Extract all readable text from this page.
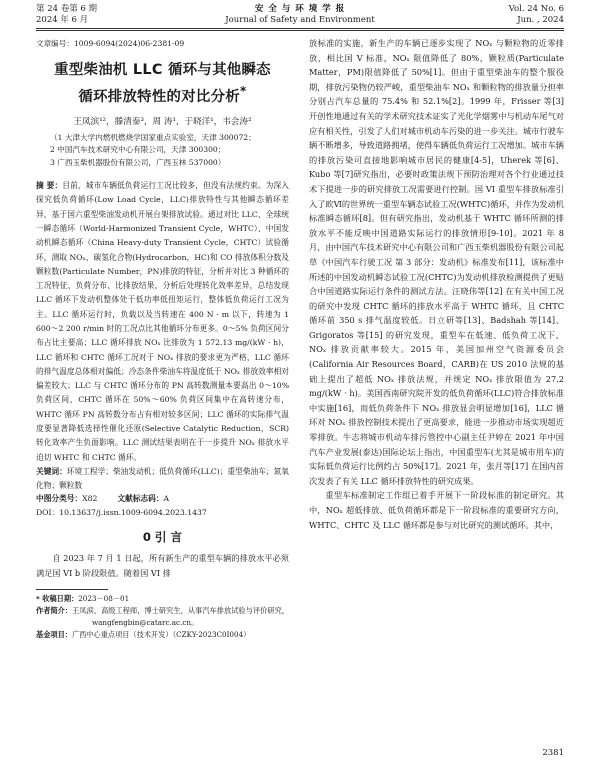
第 24 卷第 6 期
2024 年 6 月
安 全 与 环 境 学 报
Journal of Safety and Environment
Vol. 24 No. 6
Jun. , 2024

文章编号：1009-6094(2024)06-2381-09

重型柴油机 LLC 循环与其他瞬态
循环排放特性的对比分析*

王凤滨¹²，滕清泰³，周 涛¹，于晓洋¹，韦会涛²

（1 大津大学内燃机燃烧学国家重点实验室，天津 300072；

2 中国汽车技术研究中心有限公司，天津 300300；

3 广西玉柴机器股份有限公司，广西玉林 537000）

摘 要：目前，城市车辆低负荷运行工况比较多，但没有法规约束。为深入探究低负荷循环(Low Load Cycle，LLC)排放特性与其他瞬态循环差异，基于国六重型柴油发动机开展台架排放试验。通过对比 LLC、全球统一瞬态循环（World-Harmonized Transient Cycle，WHTC）、中国发动机瞬态循环（China Heavy-duty Transient Cycle，CHTC）试验循环，测取 NOₓ、碳氢化合物(Hydrocarbon，HC)和 CO 排放体积分数及颗粒数(Particulate Number，PN)排放的特征，分析并对比 3 种循环的工况特征、负荷分布、比排放结果，分析后处理转化效率差异，总结发现 LLC 循环下发动机整体处于低功率低扭矩运行，整体低负荷运行工况为主。LLC 循环运行时，负载以及当转速在 400 N · m 以下，转速为 1 600～2 200 r/min 时的工况点比其他循环分布更多。0～5% 负荷区间分布占比主要高；LLC 循环排放 NOₓ 比排放为 1 572.13 mg/(kW · h)，LLC 循环和 CHTC 循环工况对于 NOₓ 排放的要求更为严格，LLC 循环的排气温度总体相对偏低；冷态条件柴油车将温度低于 NOₓ 排放效率相对偏差较大；LLC 与 CHTC 循环分布的 PN 高转数测量本要高出 0～10% 负荷区间，CHTC 循环在 50%～60% 负荷区间集中在高转速分布，WHTC 循环 PN 高转数分布占有相对较多区间；LLC 循环的实际排气温度要显著降低选择性催化还原(Selective Catalytic Reduction，SCR)转化效率产生负面影响。LLC 测试结果表明在于一步提升 NOₓ 排放水平迫切 WHTC 和 CHTC 循环。

关键词：环境工程学；柴油发动机；低负荷循环(LLC)；重型柴油车；氮氧化物；颗粒数

中图分类号：X82	文献标志码：A

DOI：10.13637/j.issn.1009-6094.2023.1437

0 引 言

自 2023 年 7 月 1 日起，所有新生产的重型车辆的排放水平必须满足国 VI b 阶段限值。随着国 VI 排

* 收稿日期：2023－08－01

作者简介：王凤滨，高级工程师，博士研究生，从事汽车排放试验与评价研究，wangfengbin@catarc.ac.cn。

基金项目：广西中心重点项目（技术开发）（CZKY-2023C0I004）

放标准的实施，新生产的车辆已逐步实现了 NOₓ 与颗粒物的近零排放，相比国 V 标准，NOₓ 限值降低了 80%，颗粒质(Particulate Matter，PM)限值降低了 50%[1]。但由于重型柴油车的整个服役期，排放污染物仍较严峻，重型柴油车 NOₓ 和颗粒物的排放量分担率分别占汽车总量的 75.4% 和 52.1%[2]。1999 年，Frisser 等[3] 开创性地通过有关的学术研究技术证实了光化学烟雾中与机动车尾气对应有相关性，引发了人们对城市机动车污染的进一步关注。城市行驶车辆不断增多，导致道路拥堵，使得车辆低负荷运行工况增加。城市车辆的排放污染可直接地影响城市居民的健康[4-5]，Uherek 等[6]、Kubo 等[7]研究指出，必要时政策法规下预防治理对各个行业通过技术下提进一步的研究排放工况需要进行控制。国 VI 重型车排放标准引入了欧Ⅵ的世界统一重型车辆态试验工况(WHTC)循环，并作为发动机标准瞬态循环[8]。但有研究指出，发动机基于 WHTC 循环所测的排放水平不能反映中国道路实际运行的排放情形[9-10]。2021 年 8 月，由中国汽车技术研究中心有限公司和广西玉柴机器股份有限公司起草《中国汽车行驶工况 第 3 部分：发动机》标准发布[11]，该标准中所述的中国发动机瞬态试验工况(CHTC)为发动机排放检测提供了更贴合中国道路实际运行条件的测试方法。汪晓伟等[12] 在有关中国工况的研究中发现 CHTC 循环的排放水平高于 WHTC 循环，且 CHTC 循环前 350 s 排气温度较低。日立研等[13]、Badshah 等[14]、Grigoratos 等[15] 的研究发现，重型车在低速、低负荷工况下，NOₓ 排放贡献率较大。2015 年，美国加州空气资源委员会(California Air Resources Board，CARB)在 US 2010 法规的基础上提出了超低 NOₓ 排放法规，并规定 NOₓ 排放限值为 27.2 mg/(kW · h)。美国西南研究院开发的低负荷循环(LLC)符合排放标准中实施[16]，而低负荷条件下 NOₓ 排放显会明显增加[16]，LLC 循环对 NOₓ 排放控制技术提出了更高要求，能进一步推动市场实现超近零排放。牛志将城市机动车排污管控中心副主任尹婷在 2021 年中国汽车产业发展(泰达)国际论坛上指出，中国重型车(尤其是城市用车)的实际低负荷运行比例约占 50%[17]。2021 年，张月等[17] 在国内首次发表了有关 LLC 循环排放特性的研究成果。

重型车标准制定工作组已着手开展下一阶段标准的制定研究。其中，NOₓ 超低排放、低负荷循环都是下一阶段标准的重要研究方向，WHTC、CHTC 及 LLC 循环都是参与对比研究的测试循环。其中，

2381
